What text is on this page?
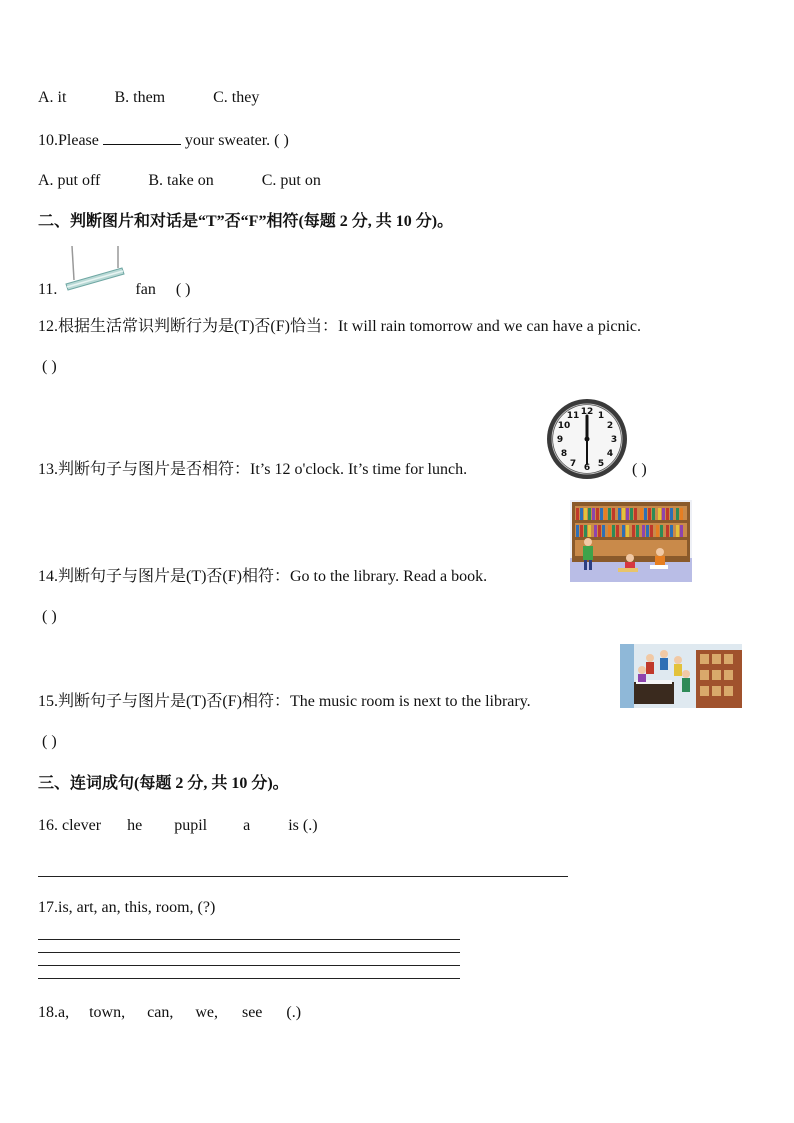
A. it	B. them	C. they
10.Please	your sweater. ( )
A. put off	B. take on	C. put on
二、判断图片和对话是“T”否“F”相符(每题 2 分, 共 10 分)。
11.	fan ( )
12.根据生活常识判断行为是(T)否(F)恰当：It will rain tomorrow and we can have a picnic.
( )
13.判断句子与图片是否相符：It’s 12 o'clock. It’s time for lunch.	( )
12 1
2
3
4
5
6
7
8
9
10
11
14.判断句子与图片是(T)否(F)相符：Go to the library. Read a book.
( )
15.判断句子与图片是(T)否(F)相符：The music room is next to the library.
( )
三、连词成句(每题 2 分, 共 10 分)。
16. clever he pupil a is (.)
17.is, art, an, this, room, (?)
18.a, town, can, we, see (.)
